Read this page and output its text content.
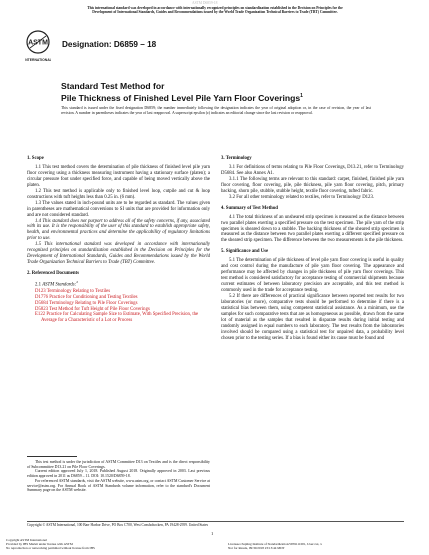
ASTM D6859-18
This international standard was developed in accordance with internationally recognized principles on standardization established in the Decision on Principles for the
Development of International Standards, Guides and Recommendations issued by the World Trade Organization Technical Barriers to Trade (TBT) Committee.
ASTM
INTERNATIONAL
Designation: D6859 – 18
Standard Test Method for
Pile Thickness of Finished Level Pile Yarn Floor Coverings$^1$
This standard is issued under the fixed designation D6859; the number immediately following the designation indicates the year of original adoption or, in the case of revision, the year of last revision. A number in parentheses indicates the year of last reapproval. A superscript epsilon (ε) indicates an editorial change since the last revision or reapproval.

1. Scope

1.1 This test method covers the determination of pile thickness of finished level pile yarn floor covering using a thickness measuring instrument having a stationary surface (platen); a circular pressure foot under specified force, and capable of being moved vertically above the platen.

1.2 This test method is applicable only to finished level loop, cutpile and cut & loop constructions with tuft heights less than 0.25 in. (6 mm).

1.3 The values stated in inch-pound units are to be regarded as standard. The values given in parentheses are mathematical conversions to SI units that are provided for information only and are not considered standard.

1.4 This standard does not purport to address all of the safety concerns, if any, associated with its use. It is the responsibility of the user of this standard to establish appropriate safety, health, and environmental practices and determine the applicability of regulatory limitations prior to use.

1.5 This international standard was developed in accordance with internationally recognized principles on standardization established in the Decision on Principles for the Development of International Standards, Guides and Recommendations issued by the World Trade Organization Technical Barriers to Trade (TBT) Committee.

2. Referenced Documents

2.1 ASTM Standards:$^2$

D123 Terminology Relating to Textiles

D1776 Practice for Conditioning and Testing Textiles

D5684 Terminology Relating to Pile Floor Coverings

D5823 Test Method for Tuft Height of Pile Floor Coverings

E122 Practice for Calculating Sample Size to Estimate, With Specified Precision, the Average for a Characteristic of a Lot or Process

This test method is under the jurisdiction of ASTM Committee D13 on Textiles and is the direct responsibility of Subcommittee D13.21 on Pile Floor Coverings.

Current edition approved July 1, 2018. Published August 2018. Originally approved in 2003. Last previous edition approved in 2011 as D6859 – 11. DOI: 10.1520/D6859-18.

For referenced ASTM standards, visit the ASTM website, www.astm.org, or contact ASTM Customer Service at service@astm.org. For Annual Book of ASTM Standards volume information, refer to the standard's Document Summary page on the ASTM website.

3. Terminology

3.1 For definitions of terms relating to Pile Floor Coverings, D13.21, refer to Terminology D5684. See also Annex A1.

3.1.1 The following terms are relevant to this standard: carpet, finished, finished pile yarn floor covering, floor covering, pile, pile thickness, pile yarn floor covering, pitch, primary backing, shorn pile, stubble, stubble height, textile floor covering, tufted fabric.

3.2 For all other terminology related to textiles, refer to Terminology D123.

4. Summary of Test Method

4.1 The total thickness of an unsheared strip specimen is measured as the distance between two parallel plates exerting a specified pressure on the test specimen. The pile yarn of the strip specimen is sheared down to a stubble. The backing thickness of the sheared strip specimen is measured as the distance between two parallel plates exerting a different specified pressure on the sheared strip specimen. The difference between the two measurements is the pile thickness.

5. Significance and Use

5.1 The determination of pile thickness of level pile yarn floor covering is useful in quality and cost control during the manufacture of pile yarn floor covering. The appearance and performance may be affected by changes in pile thickness of pile yarn floor coverings. This test method is considered satisfactory for acceptance testing of commercial shipments because current estimates of between laboratory precision are acceptable, and this test method is commonly used in the trade for acceptance testing.

5.2 If there are differences of practical significance between reported test results for two laboratories (or more), comparative tests should be performed to determine if there is a statistical bias between them, using competent statistical assistance. As a minimum, use the samples for such comparative tests that are as homogeneous as possible, drawn from the same lot of material as the samples that resulted in disparate results during initial testing and randomly assigned in equal numbers to each laboratory. The test results from the laboratories involved should be compared using a statistical test for unpaired data, a probability level chosen prior to the testing series. If a bias is found either its cause must be found and

Copyright © ASTM International, 100 Barr Harbor Drive, PO Box C700, West Conshohocken, PA 19428-2959. United States
1
Copyright ASTM International
Provided by IHS Markit under license with ASTM
No reproduction or networking permitted without license from IHS
Licensee=Sapling Institute of Standardization/5959111001, User=xx, x
Not for Resale, 09/30/2018 23:13:44 MDT
